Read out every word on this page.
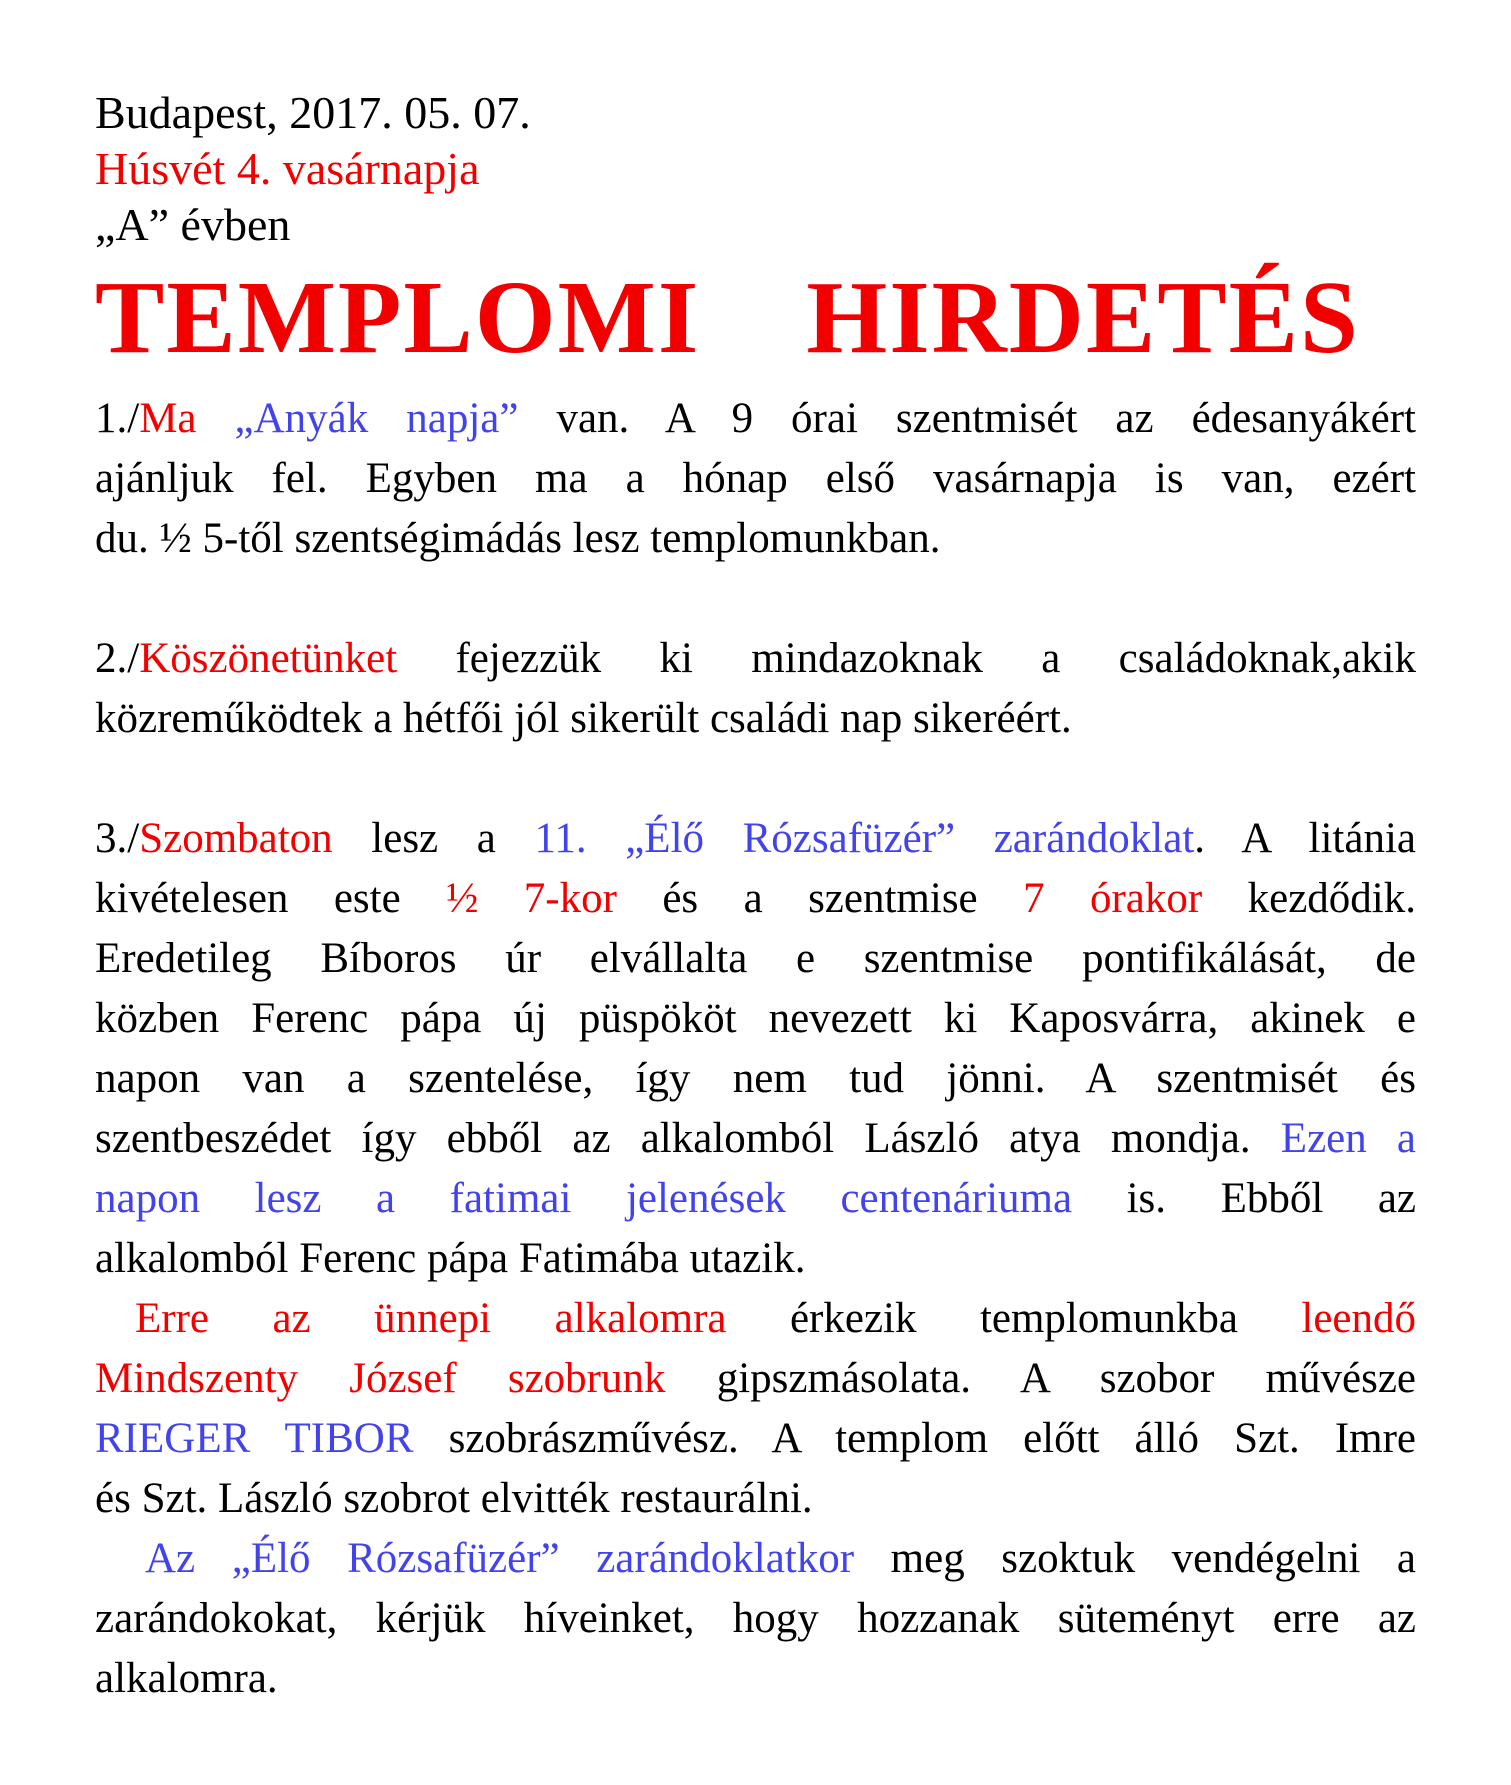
Budapest, 2017. 05. 07.
Húsvét 4. vasárnapja
„A” évben
TEMPLOMI HIRDETÉS
1./Ma „Anyák napja” van. A 9 órai szentmisét az édesanyákért
ajánljuk fel. Egyben ma a hónap első vasárnapja is van, ezért
du. ½ 5-től szentségimádás lesz templomunkban.
2./Köszönetünket fejezzük ki mindazoknak a családoknak,akik
közreműködtek a hétfői jól sikerült családi nap sikeréért.
3./Szombaton lesz a 11. „Élő Rózsafüzér” zarándoklat. A litánia
kivételesen este ½ 7-kor és a szentmise 7 órakor kezdődik.
Eredetileg Bíboros úr elvállalta e szentmise pontifikálását, de
közben Ferenc pápa új püspököt nevezett ki Kaposvárra, akinek e
napon van a szentelése, így nem tud jönni. A szentmisét és
szentbeszédet így ebből az alkalomból László atya mondja. Ezen a
napon lesz a fatimai jelenések centenáriuma is. Ebből az
alkalomból Ferenc pápa Fatimába utazik.
Erre az ünnepi alkalomra érkezik templomunkba leendő
Mindszenty József szobrunk gipszmásolata. A szobor művésze
RIEGER TIBOR szobrászművész. A templom előtt álló Szt. Imre
és Szt. László szobrot elvitték restaurálni.
Az „Élő Rózsafüzér” zarándoklatkor meg szoktuk vendégelni a
zarándokokat, kérjük híveinket, hogy hozzanak süteményt erre az
alkalomra.
